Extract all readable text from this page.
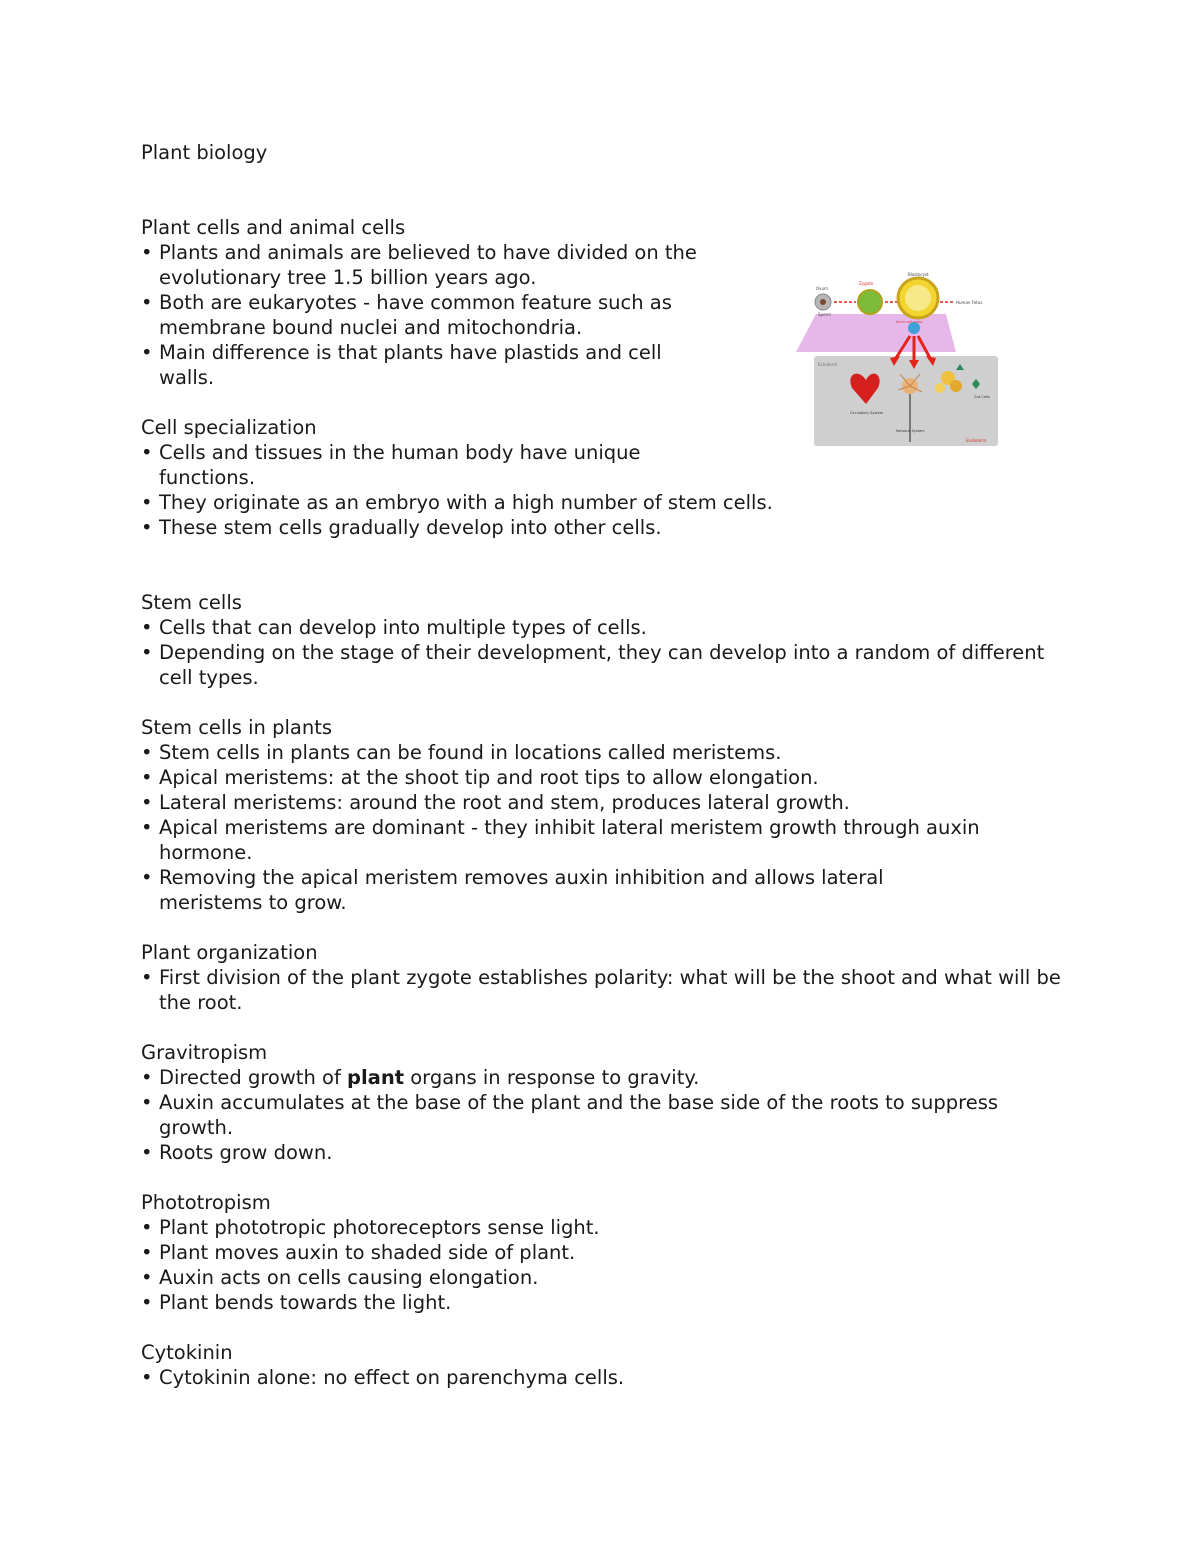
Plant biology
Plant cells and animal cells
• Plants and animals are believed to have divided on the evolutionary tree 1.5 billion years ago.
• Both are eukaryotes - have common feature such as membrane bound nuclei and mitochondria.
• Main difference is that plants have plastids and cell walls.
Cell specialization
• Cells and tissues in the human body have unique functions.
• They originate as an embryo with a high number of stem cells.
• These stem cells gradually develop into other cells.
Stem cells
• Cells that can develop into multiple types of cells.
• Depending on the stage of their development, they can develop into a random of different cell types.
Stem cells in plants
• Stem cells in plants can be found in locations called meristems.
• Apical meristems: at the shoot tip and root tips to allow elongation.
• Lateral meristems: around the root and stem, produces lateral growth.
• Apical meristems are dominant - they inhibit lateral meristem growth through auxin hormone.
• Removing the apical meristem removes auxin inhibition and allows lateral meristems to grow.
Plant organization
• First division of the plant zygote establishes polarity: what will be the shoot and what will be the root.
Gravitropism
• Directed growth of plant organs in response to gravity.
• Auxin accumulates at the base of the plant and the base side of the roots to suppress growth.
• Roots grow down.
Phototropism
• Plant phototropic photoreceptors sense light.
• Plant moves auxin to shaded side of plant.
• Auxin acts on cells causing elongation.
• Plant bends towards the light.
Cytokinin
• Cytokinin alone: no effect on parenchyma cells.
Ovum
Sperm
Zygote
Blastocyst
Human Fetus
Inner cell mass
Ectoderm
Circulatory System
Nervous System
Gut Cells
Endoderm
